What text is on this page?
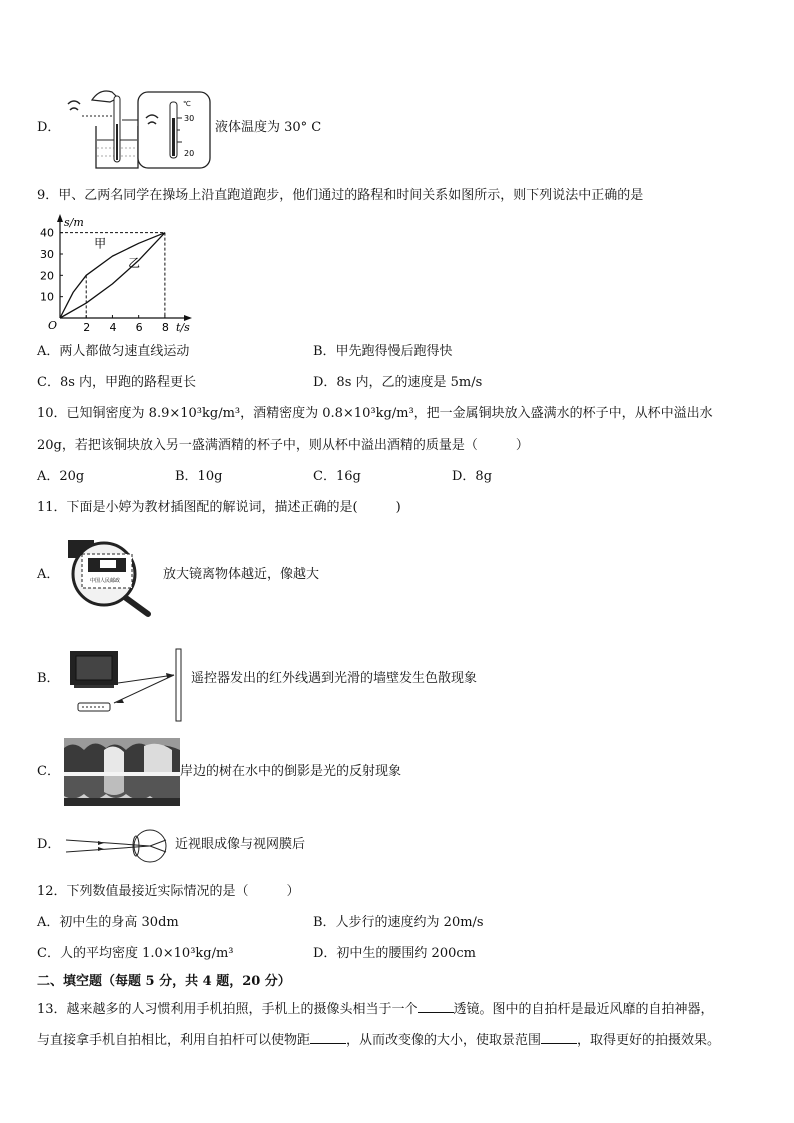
D．
℃
30
20
液体温度为 30° C
9．甲、乙两名同学在操场上沿直跑道跑步，他们通过的路程和时间关系如图所示，则下列说法中正确的是
s/m
t/s
O 2 4 6 8
10
20
30
40
甲
乙
A．两人都做匀速直线运动	B．甲先跑得慢后跑得快
C．8s 内，甲跑的路程更长	D．8s 内，乙的速度是 5m/s
10．已知铜密度为 8.9×10³kg/m³，酒精密度为 0.8×10³kg/m³，把一金属铜块放入盛满水的杯子中，从杯中溢出水
20g，若把该铜块放入另一盛满酒精的杯子中，则从杯中溢出酒精的质量是（	）
A．20g	B．10g	C．16g	D．8g
11．下面是小婷为教材插图配的解说词，描述正确的是(	)
A．	中国人民邮政	放大镜离物体越近，像越大
B．	遥控器发出的红外线遇到光滑的墙壁发生色散现象
C．	岸边的树在水中的倒影是光的反射现象
D．	近视眼成像与视网膜后
12．下列数值最接近实际情况的是（	）
A．初中生的身高 30dm	B．人步行的速度约为 20m/s
C．人的平均密度 1.0×10³kg/m³	D．初中生的腰围约 200cm
二、填空题（每题 5 分，共 4 题，20 分）
13．越来越多的人习惯利用手机拍照，手机上的摄像头相当于一个	透镜。图中的自拍杆是最近风靡的自拍神器，
与直接拿手机自拍相比，利用自拍杆可以使物距	，从而改变像的大小，使取景范围	，取得更好的拍摄效果。
